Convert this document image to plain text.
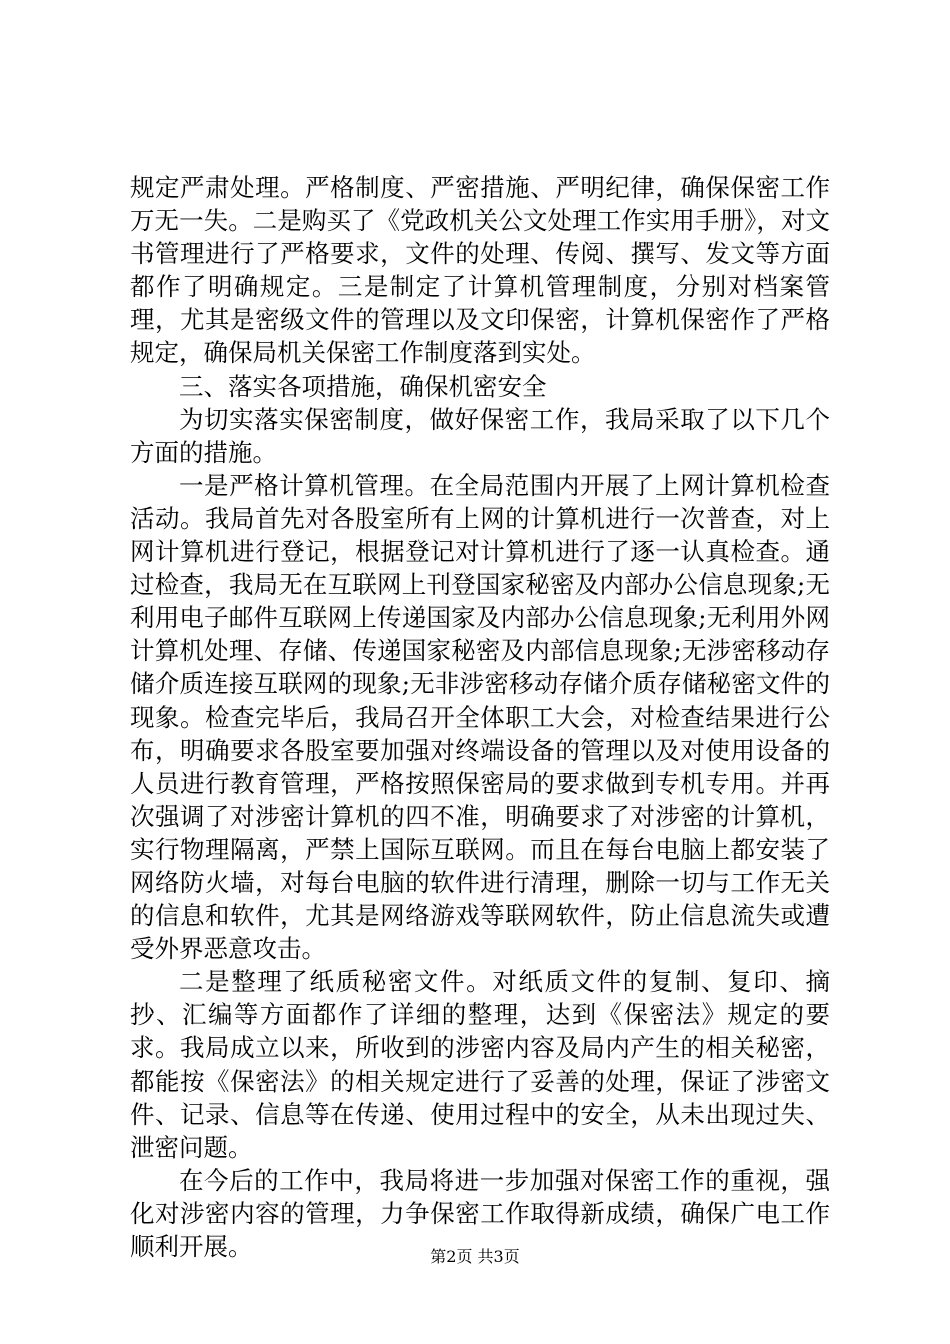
规定严肃处理。严格制度、严密措施、严明纪律，确保保密工作万无一失。二是购买了《党政机关公文处理工作实用手册》，对文书管理进行了严格要求，文件的处理、传阅、撰写、发文等方面都作了明确规定。三是制定了计算机管理制度，分别对档案管理，尤其是密级文件的管理以及文印保密，计算机保密作了严格规定，确保局机关保密工作制度落到实处。

三、落实各项措施，确保机密安全

为切实落实保密制度，做好保密工作，我局采取了以下几个方面的措施。

一是严格计算机管理。在全局范围内开展了上网计算机检查活动。我局首先对各股室所有上网的计算机进行一次普查，对上网计算机进行登记，根据登记对计算机进行了逐一认真检查。通过检查，我局无在互联网上刊登国家秘密及内部办公信息现象;无利用电子邮件互联网上传递国家及内部办公信息现象;无利用外网计算机处理、存储、传递国家秘密及内部信息现象;无涉密移动存储介质连接互联网的现象;无非涉密移动存储介质存储秘密文件的现象。检查完毕后，我局召开全体职工大会，对检查结果进行公布，明确要求各股室要加强对终端设备的管理以及对使用设备的人员进行教育管理，严格按照保密局的要求做到专机专用。并再次强调了对涉密计算机的四不准，明确要求了对涉密的计算机，实行物理隔离，严禁上国际互联网。而且在每台电脑上都安装了网络防火墙，对每台电脑的软件进行清理，删除一切与工作无关的信息和软件，尤其是网络游戏等联网软件，防止信息流失或遭受外界恶意攻击。

二是整理了纸质秘密文件。对纸质文件的复制、复印、摘抄、汇编等方面都作了详细的整理，达到《保密法》规定的要求。我局成立以来，所收到的涉密内容及局内产生的相关秘密，都能按《保密法》的相关规定进行了妥善的处理，保证了涉密文件、记录、信息等在传递、使用过程中的安全，从未出现过失、泄密问题。

在今后的工作中，我局将进一步加强对保密工作的重视，强化对涉密内容的管理，力争保密工作取得新成绩，确保广电工作顺利开展。	第2页 共3页
